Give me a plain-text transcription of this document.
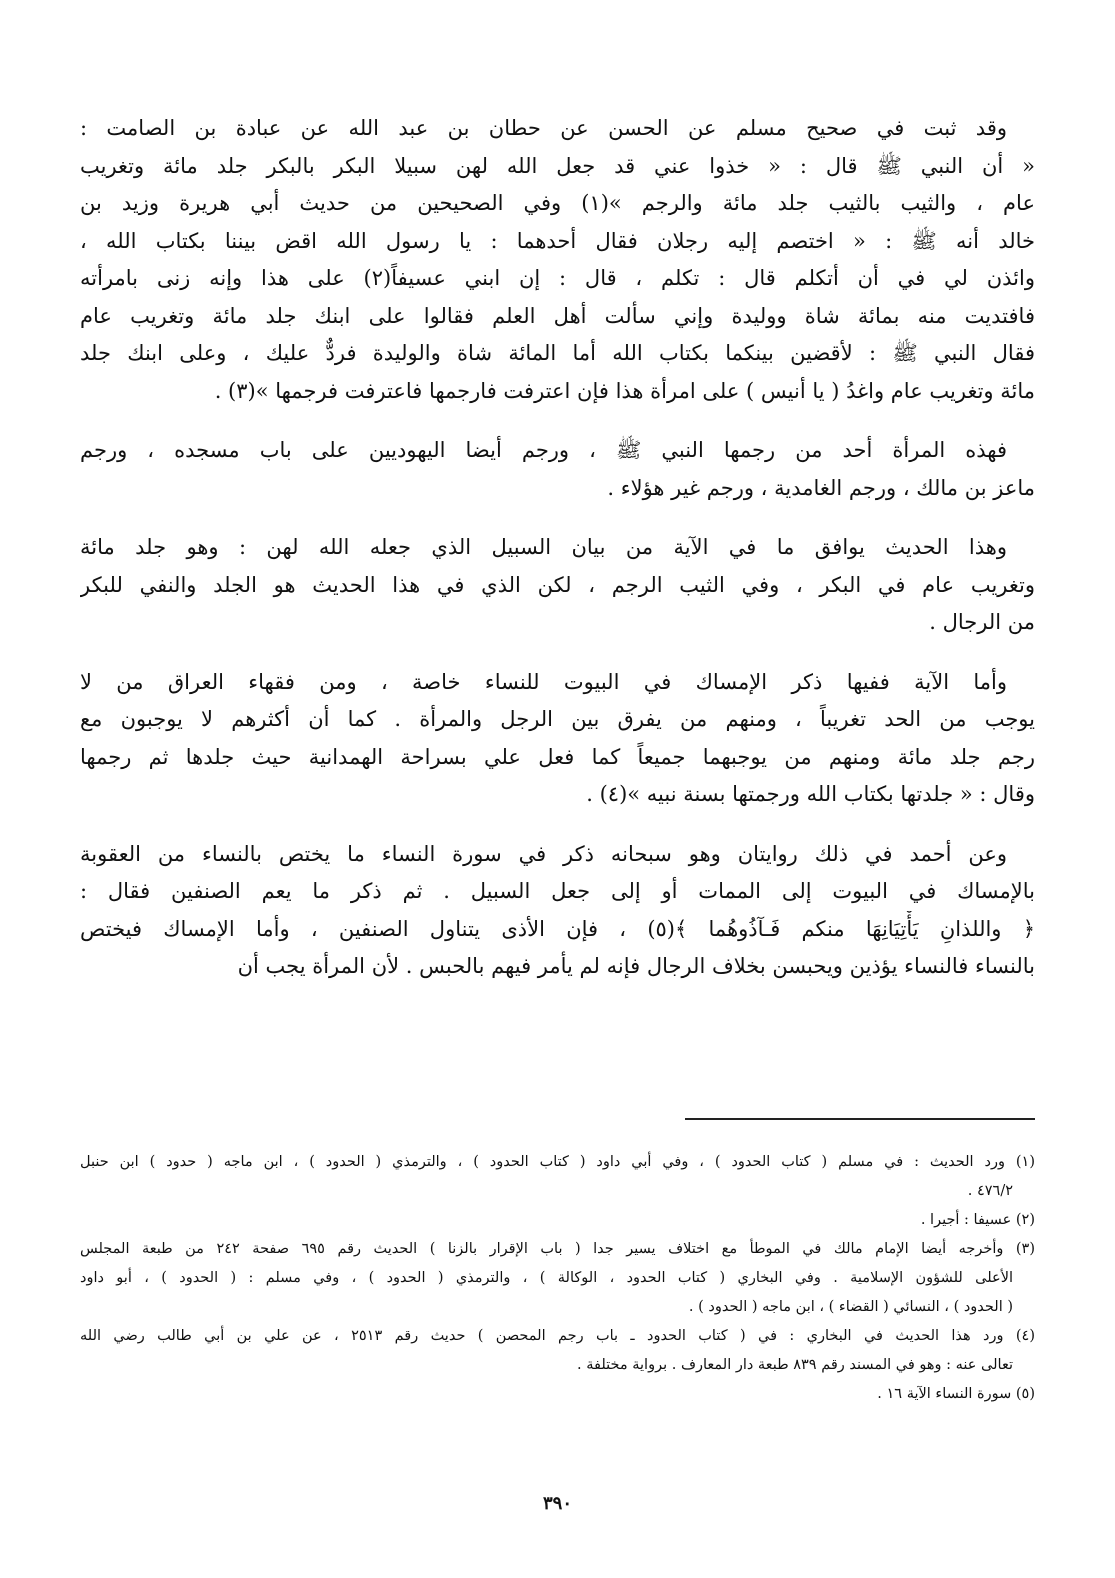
وقد ثبت في صحيح مسلم عن الحسن عن حطان بن عبد الله عن عبادة بن الصامت :
« أن النبي ﷺ قال : « خذوا عني قد جعل الله لهن سبيلا البكر بالبكر جلد مائة وتغريب
عام ، والثيب بالثيب جلد مائة والرجم »(١) وفي الصحيحين من حديث أبي هريرة وزيد بن
خالد أنه ﷺ : « اختصم إليه رجلان فقال أحدهما : يا رسول الله اقض بيننا بكتاب الله ،
وائذن لي في أن أتكلم قال : تكلم ، قال : إن ابني عسيفاً(٢) على هذا وإنه زنى بامرأته
فافتديت منه بمائة شاة ووليدة وإني سألت أهل العلم فقالوا على ابنك جلد مائة وتغريب عام
فقال النبي ﷺ : لأقضين بينكما بكتاب الله أما المائة شاة والوليدة فردٌّ عليك ، وعلى ابنك جلد
مائة وتغريب عام واغدُ ( يا أنيس ) على امرأة هذا فإن اعترفت فارجمها فاعترفت فرجمها »(٣) .
فهذه المرأة أحد من رجمها النبي ﷺ ، ورجم أيضا اليهوديين على باب مسجده ، ورجم
ماعز بن مالك ، ورجم الغامدية ، ورجم غير هؤلاء .
وهذا الحديث يوافق ما في الآية من بيان السبيل الذي جعله الله لهن : وهو جلد مائة
وتغريب عام في البكر ، وفي الثيب الرجم ، لكن الذي في هذا الحديث هو الجلد والنفي للبكر
من الرجال .
وأما الآية ففيها ذكر الإمساك في البيوت للنساء خاصة ، ومن فقهاء العراق من لا
يوجب من الحد تغريباً ، ومنهم من يفرق بين الرجل والمرأة . كما أن أكثرهم لا يوجبون مع
رجم جلد مائة ومنهم من يوجبهما جميعاً كما فعل علي بسراحة الهمدانية حيث جلدها ثم رجمها
وقال : « جلدتها بكتاب الله ورجمتها بسنة نبيه »(٤) .
وعن أحمد في ذلك روايتان وهو سبحانه ذكر في سورة النساء ما يختص بالنساء من العقوبة
بالإمساك في البيوت إلى الممات أو إلى جعل السبيل . ثم ذكر ما يعم الصنفين فقال :
﴿ واللذانِ يَأْتِيَانِهَا منكم فَـآذُوهُما ﴾(٥) ، فإن الأذى يتناول الصنفين ، وأما الإمساك فيختص
بالنساء فالنساء يؤذين ويحبسن بخلاف الرجال فإنه لم يأمر فيهم بالحبس . لأن المرأة يجب أن
(١) ورد الحديث : في مسلم ( كتاب الحدود ) ، وفي أبي داود ( كتاب الحدود ) ، والترمذي ( الحدود ) ، ابن ماجه ( حدود ) ابن حنبل
٤٧٦/٢ .
(٢) عسيفا : أجيرا .
(٣) وأخرجه أيضا الإمام مالك في الموطأ مع اختلاف يسير جدا ( باب الإقرار بالزنا ) الحديث رقم ٦٩٥ صفحة ٢٤٢ من طبعة المجلس
الأعلى للشؤون الإسلامية . وفي البخاري ( كتاب الحدود ، الوكالة ) ، والترمذي ( الحدود ) ، وفي مسلم : ( الحدود ) ، أبو داود
( الحدود ) ، النسائي ( القضاء ) ، ابن ماجه ( الحدود ) .
(٤) ورد هذا الحديث في البخاري : في ( كتاب الحدود ـ باب رجم المحصن ) حديث رقم ٢٥١٣ ، عن علي بن أبي طالب رضي الله
تعالى عنه : وهو في المسند رقم ٨٣٩ طبعة دار المعارف . برواية مختلفة .
(٥) سورة النساء الآية ١٦ .
٣٩٠
